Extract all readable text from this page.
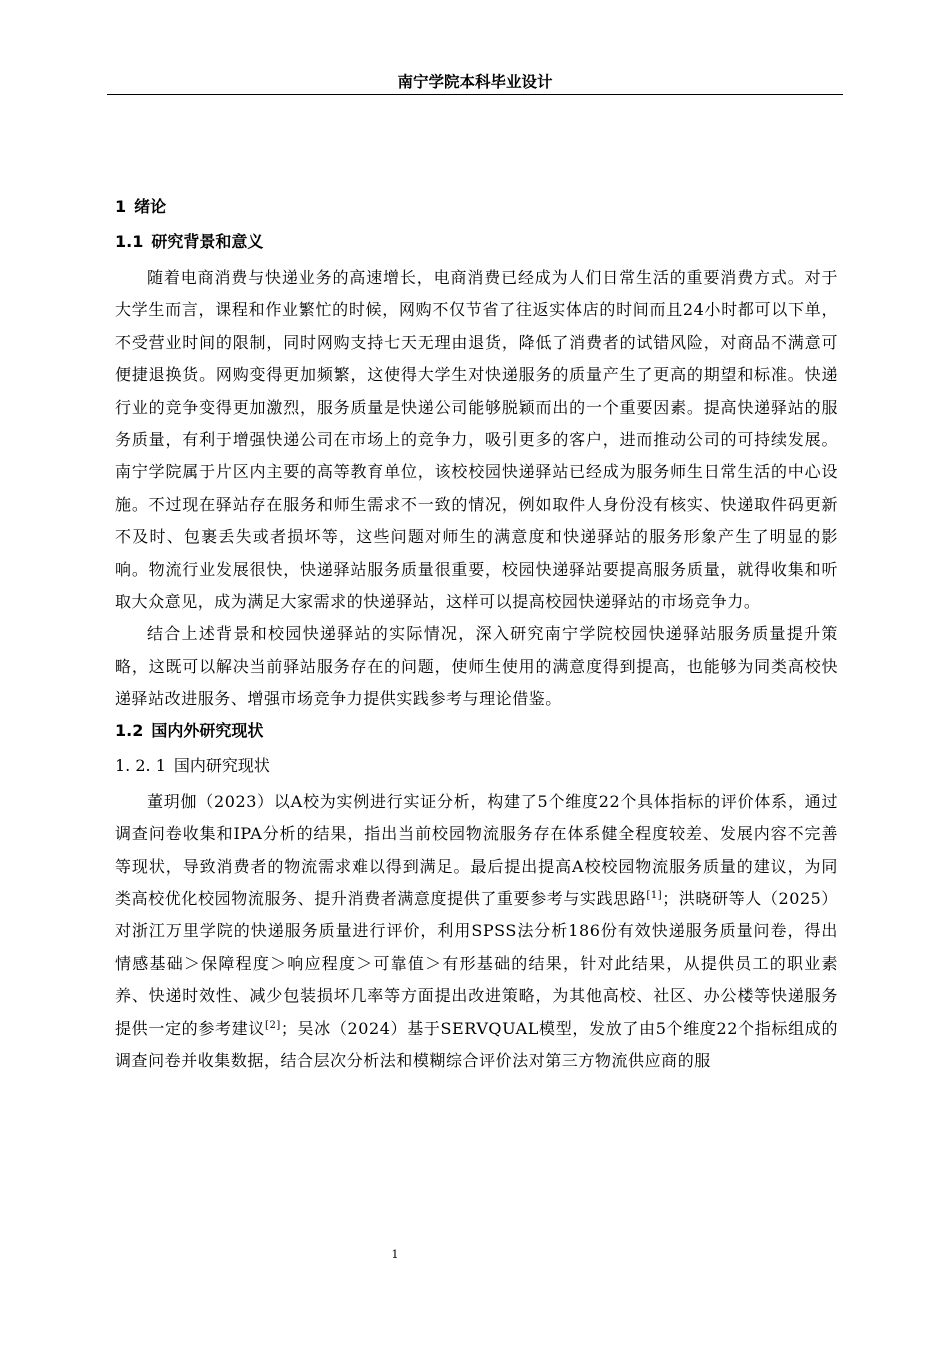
南宁学院本科毕业设计
1 绪论
1.1 研究背景和意义

随着电商消费与快递业务的高速增长，电商消费已经成为人们日常生活的重要消费方式。对于大学生而言，课程和作业繁忙的时候，网购不仅节省了往返实体店的时间而且24小时都可以下单，不受营业时间的限制，同时网购支持七天无理由退货，降低了消费者的试错风险，对商品不满意可便捷退换货。网购变得更加频繁，这使得大学生对快递服务的质量产生了更高的期望和标准。快递行业的竞争变得更加激烈，服务质量是快递公司能够脱颖而出的一个重要因素。提高快递驿站的服务质量，有利于增强快递公司在市场上的竞争力，吸引更多的客户，进而推动公司的可持续发展。南宁学院属于片区内主要的高等教育单位，该校校园快递驿站已经成为服务师生日常生活的中心设施。不过现在驿站存在服务和师生需求不一致的情况，例如取件人身份没有核实、快递取件码更新不及时、包裹丢失或者损坏等，这些问题对师生的满意度和快递驿站的服务形象产生了明显的影响。物流行业发展很快，快递驿站服务质量很重要，校园快递驿站要提高服务质量，就得收集和听取大众意见，成为满足大家需求的快递驿站，这样可以提高校园快递驿站的市场竞争力。

结合上述背景和校园快递驿站的实际情况，深入研究南宁学院校园快递驿站服务质量提升策略，这既可以解决当前驿站服务存在的问题，使师生使用的满意度得到提高，也能够为同类高校快递驿站改进服务、增强市场竞争力提供实践参考与理论借鉴。

1.2 国内外研究现状
1. 2. 1 国内研究现状

董玥伽（2023）以A校为实例进行实证分析，构建了5个维度22个具体指标的评价体系，通过调查问卷收集和IPA分析的结果，指出当前校园物流服务存在体系健全程度较差、发展内容不完善等现状，导致消费者的物流需求难以得到满足。最后提出提高A校校园物流服务质量的建议，为同类高校优化校园物流服务、提升消费者满意度提供了重要参考与实践思路[1]；洪晓研等人（2025）对浙江万里学院的快递服务质量进行评价，利用SPSS法分析186份有效快递服务质量问卷，得出情感基础＞保障程度＞响应程度＞可靠值＞有形基础的结果，针对此结果，从提供员工的职业素养、快递时效性、减少包装损坏几率等方面提出改进策略，为其他高校、社区、办公楼等快递服务提供一定的参考建议[2]；吴冰（2024）基于SERVQUAL模型，发放了由5个维度22个指标组成的调查问卷并收集数据，结合层次分析法和模糊综合评价法对第三方物流供应商的服

1
